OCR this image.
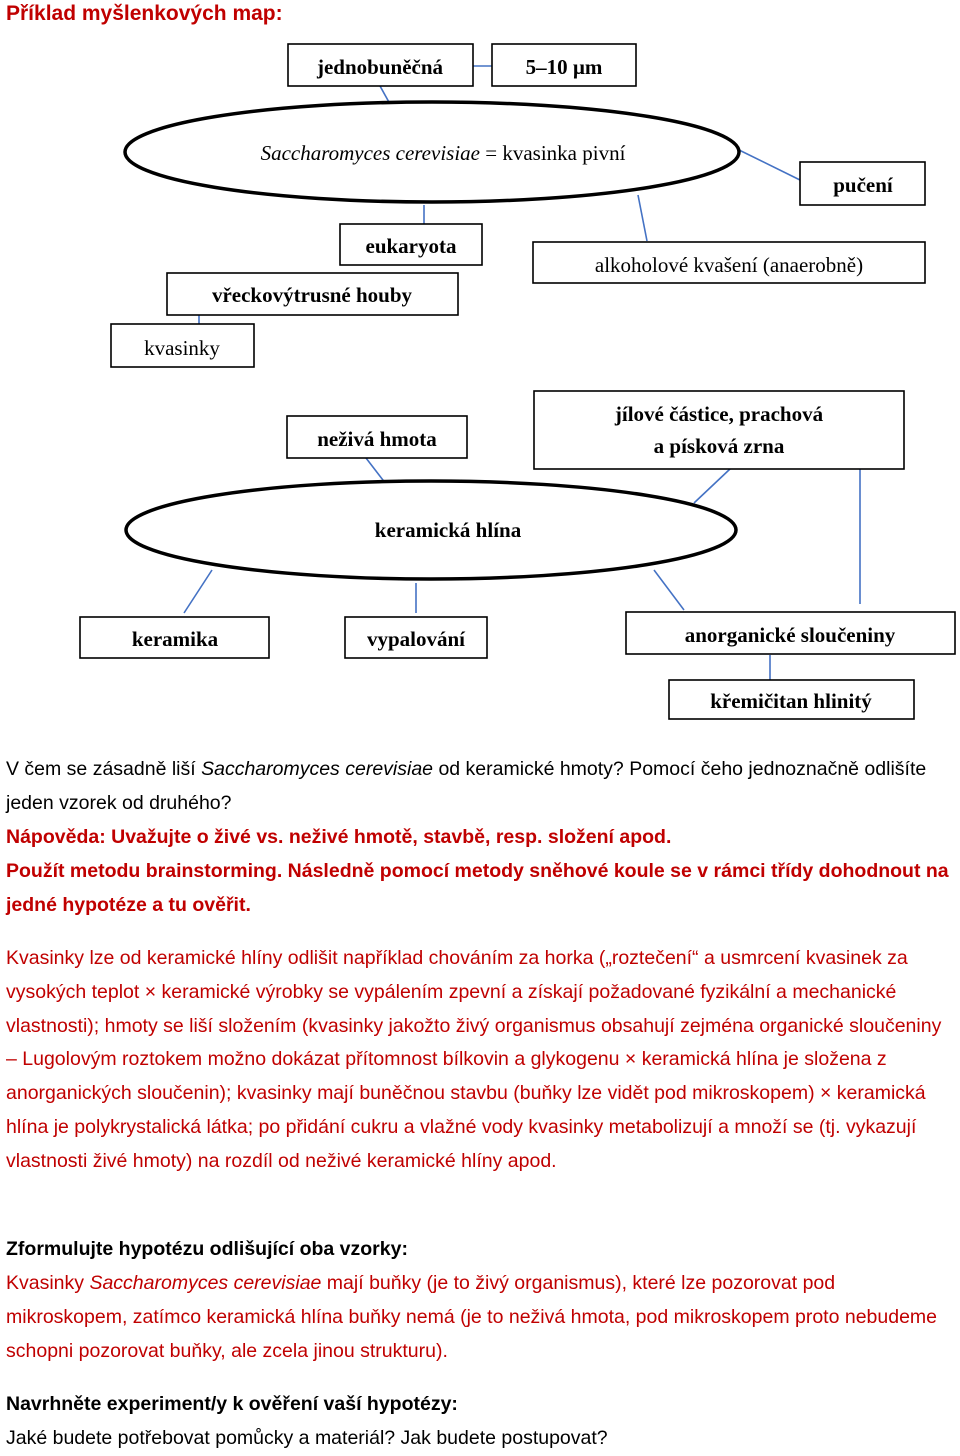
Příklad myšlenkových map:
jednobuněčná	5–10 µm
Saccharomyces cerevisiae = kvasinka pivní
pučení
eukaryota
vřeckovýtrusné houby
alkoholové kvašení (anaerobně)
kvasinky
neživá hmota
jílové částice, prachová
a písková zrna
keramická hlína
keramika	vypalování	anorganické sloučeniny
křemičitan hlinitý

V čem se zásadně liší Saccharomyces cerevisiae od keramické hmoty? Pomocí čeho jednoznačně odlišíte jeden vzorek od druhého?

Nápověda: Uvažujte o živé vs. neživé hmotě, stavbě, resp. složení apod.

Použít metodu brainstorming. Následně pomocí metody sněhové koule se v rámci třídy dohodnout na jedné hypotéze a tu ověřit.

Kvasinky lze od keramické hlíny odlišit například chováním za horka („roztečení“ a usmrcení kvasinek za vysokých teplot × keramické výrobky se vypálením zpevní a získají požadované fyzikální a mechanické vlastnosti); hmoty se liší složením (kvasinky jakožto živý organismus obsahují zejména organické sloučeniny – Lugolovým roztokem možno dokázat přítomnost bílkovin a glykogenu × keramická hlína je složena z anorganických sloučenin); kvasinky mají buněčnou stavbu (buňky lze vidět pod mikroskopem) × keramická hlína je polykrystalická látka; po přidání cukru a vlažné vody kvasinky metabolizují a množí se (tj. vykazují vlastnosti živé hmoty) na rozdíl od neživé keramické hlíny apod.

Zformulujte hypotézu odlišující oba vzorky:

Kvasinky Saccharomyces cerevisiae mají buňky (je to živý organismus), které lze pozorovat pod mikroskopem, zatímco keramická hlína buňky nemá (je to neživá hmota, pod mikroskopem proto nebudeme schopni pozorovat buňky, ale zcela jinou strukturu).

Navrhněte experiment/y k ověření vaší hypotézy:

Jaké budete potřebovat pomůcky a materiál? Jak budete postupovat?
